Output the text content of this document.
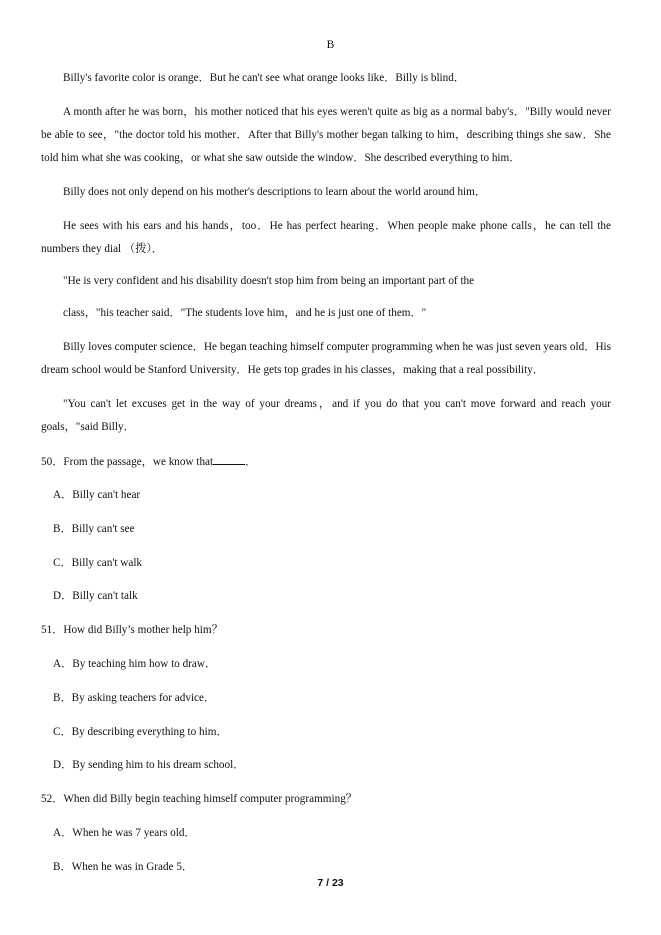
B
Billy's favorite color is orange．But he can't see what orange looks like．Billy is blind．
A month after he was born，his mother noticed that his eyes weren't quite as big as a normal baby's．"Billy would never be able to see，"the doctor told his mother．After that Billy's mother began talking to him，describing things she saw．She told him what she was cooking，or what she saw outside the window．She described everything to him．
Billy does not only depend on his mother's descriptions to learn about the world around him．
He sees with his ears and his hands，too．He has perfect hearing．When people make phone calls，he can tell the numbers they dial （拨）．
"He is very confident and his disability doesn't stop him from being an important part of the
class，"his teacher said．"The students love him，and he is just one of them．"
Billy loves computer science．He began teaching himself computer programming when he was just seven years old．His dream school would be Stanford University．He gets top grades in his classes，making that a real possibility．
"You can't let excuses get in the way of your dreams，and if you do that you can't move forward and reach your goals，"said Billy．
50．From the passage，we know that	．
A．Billy can't hear
B．Billy can't see
C．Billy can't walk
D．Billy can't talk
51．How did Billy’s mother help him？
A．By teaching him how to draw．
B．By asking teachers for advice．
C．By describing everything to him．
D．By sending him to his dream school．
52．When did Billy begin teaching himself computer programming？
A．When he was 7 years old．
B．When he was in Grade 5．
7 / 23
